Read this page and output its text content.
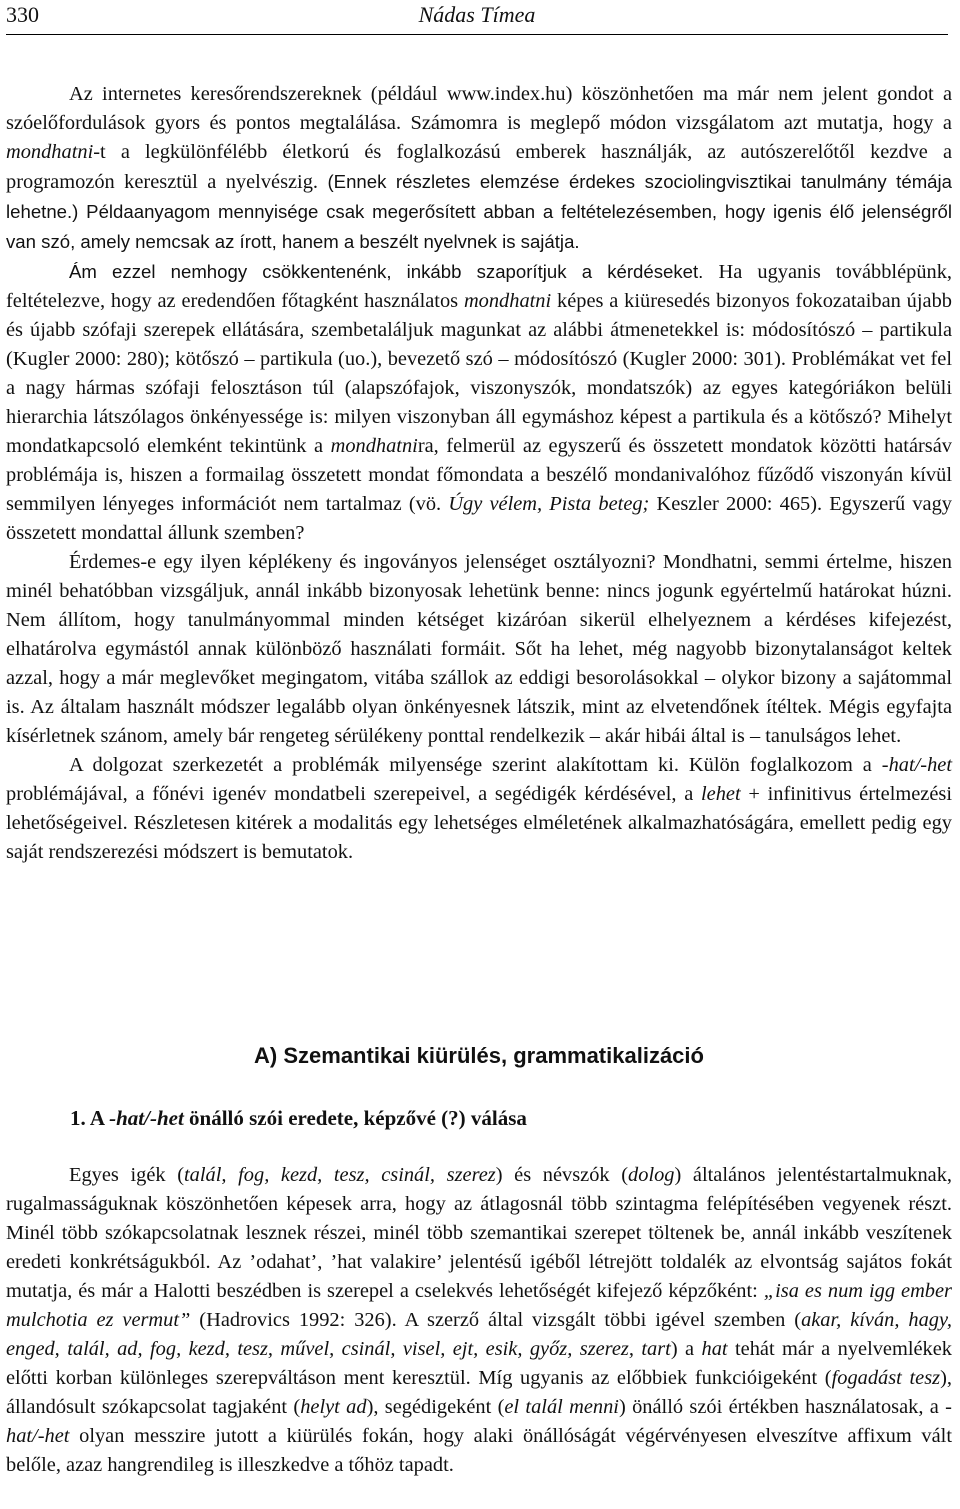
330	Nádas Tímea

Az internetes keresőrendszereknek (például www.index.hu) köszönhetően ma már nem jelent gondot a szóelőfordulások gyors és pontos megtalálása. Számomra is meglepő módon vizsgálatom azt mutatja, hogy a mondhatni-t a legkülönfélébb életkorú és foglalkozású emberek használják, az autószerelőtől kezdve a programozón keresztül a nyelvészig. (Ennek részletes elemzése érdekes szociolingvisztikai tanulmány témája lehetne.) Példaanyagom mennyisége csak megerősített abban a feltételezésemben, hogy igenis élő jelenségről van szó, amely nemcsak az írott, hanem a beszélt nyelvnek is sajátja.

Ám ezzel nemhogy csökkentenénk, inkább szaporítjuk a kérdéseket. Ha ugyanis továbblépünk, feltételezve, hogy az eredendően főtagként használatos mondhatni képes a kiüresedés bizonyos fokozataiban újabb és újabb szófaji szerepek ellátására, szembetaláljuk magunkat az alábbi átmenetekkel is: módosítószó – partikula (Kugler 2000: 280); kötőszó – partikula (uo.), bevezető szó – módosítószó (Kugler 2000: 301). Problémákat vet fel a nagy hármas szófaji felosztáson túl (alapszófajok, viszonyszók, mondatszók) az egyes kategóriákon belüli hierarchia látszólagos önkényessége is: milyen viszonyban áll egymáshoz képest a partikula és a kötőszó? Mihelyt mondatkapcsoló elemként tekintünk a mondhatnira, felmerül az egyszerű és összetett mondatok közötti határsáv problémája is, hiszen a formailag összetett mondat főmondata a beszélő mondanivalóhoz fűződő viszonyán kívül semmilyen lényeges információt nem tartalmaz (vö. Úgy vélem, Pista beteg; Keszler 2000: 465). Egyszerű vagy összetett mondattal állunk szemben?

Érdemes-e egy ilyen képlékeny és ingoványos jelenséget osztályozni? Mondhatni, semmi értelme, hiszen minél behatóbban vizsgáljuk, annál inkább bizonyosak lehetünk benne: nincs jogunk egyértelmű határokat húzni. Nem állítom, hogy tanulmányommal minden kétséget kizáróan sikerül elhelyeznem a kérdéses kifejezést, elhatárolva egymástól annak különböző használati formáit. Sőt ha lehet, még nagyobb bizonytalanságot keltek azzal, hogy a már meglevőket megingatom, vitába szállok az eddigi besorolásokkal – olykor bizony a sajátommal is. Az általam használt módszer legalább olyan önkényesnek látszik, mint az elvetendőnek ítéltek. Mégis egyfajta kísérletnek szánom, amely bár rengeteg sérülékeny ponttal rendelkezik – akár hibái által is – tanulságos lehet.

A dolgozat szerkezetét a problémák milyensége szerint alakítottam ki. Külön foglalkozom a -hat/-het problémájával, a főnévi igenév mondatbeli szerepeivel, a segédigék kérdésével, a lehet + infinitivus értelmezési lehetőségeivel. Részletesen kitérek a modalitás egy lehetséges elméletének alkalmazhatóságára, emellett pedig egy saját rendszerezési módszert is bemutatok.

A) Szemantikai kiürülés, grammatikalizáció
1. A -hat/-het önálló szói eredete, képzővé (?) válása

Egyes igék (talál, fog, kezd, tesz, csinál, szerez) és névszók (dolog) általános jelentéstartalmuknak, rugalmasságuknak köszönhetően képesek arra, hogy az átlagosnál több szintagma felépítésében vegyenek részt. Minél több szókapcsolatnak lesznek részei, minél több szemantikai szerepet töltenek be, annál inkább veszítenek eredeti konkrétságukból. Az ’odahat’, ’hat valakire’ jelentésű igéből létrejött toldalék az elvontság sajátos fokát mutatja, és már a Halotti beszédben is szerepel a cselekvés lehetőségét kifejező képzőként: „isa es num igg ember mulchotia ez vermut” (Hadrovics 1992: 326). A szerző által vizsgált többi igével szemben (akar, kíván, hagy, enged, talál, ad, fog, kezd, tesz, művel, csinál, visel, ejt, esik, győz, szerez, tart) a hat tehát már a nyelvemlékek előtti korban különleges szerepváltáson ment keresztül. Míg ugyanis az előbbiek funkcióigeként (fogadást tesz), állandósult szókapcsolat tagjaként (helyt ad), segédigeként (el talál menni) önálló szói értékben használatosak, a -hat/-het olyan messzire jutott a kiürülés fokán, hogy alaki önállóságát végérvényesen elveszítve affixum vált belőle, azaz hangrendileg is illeszkedve a tőhöz tapadt.
